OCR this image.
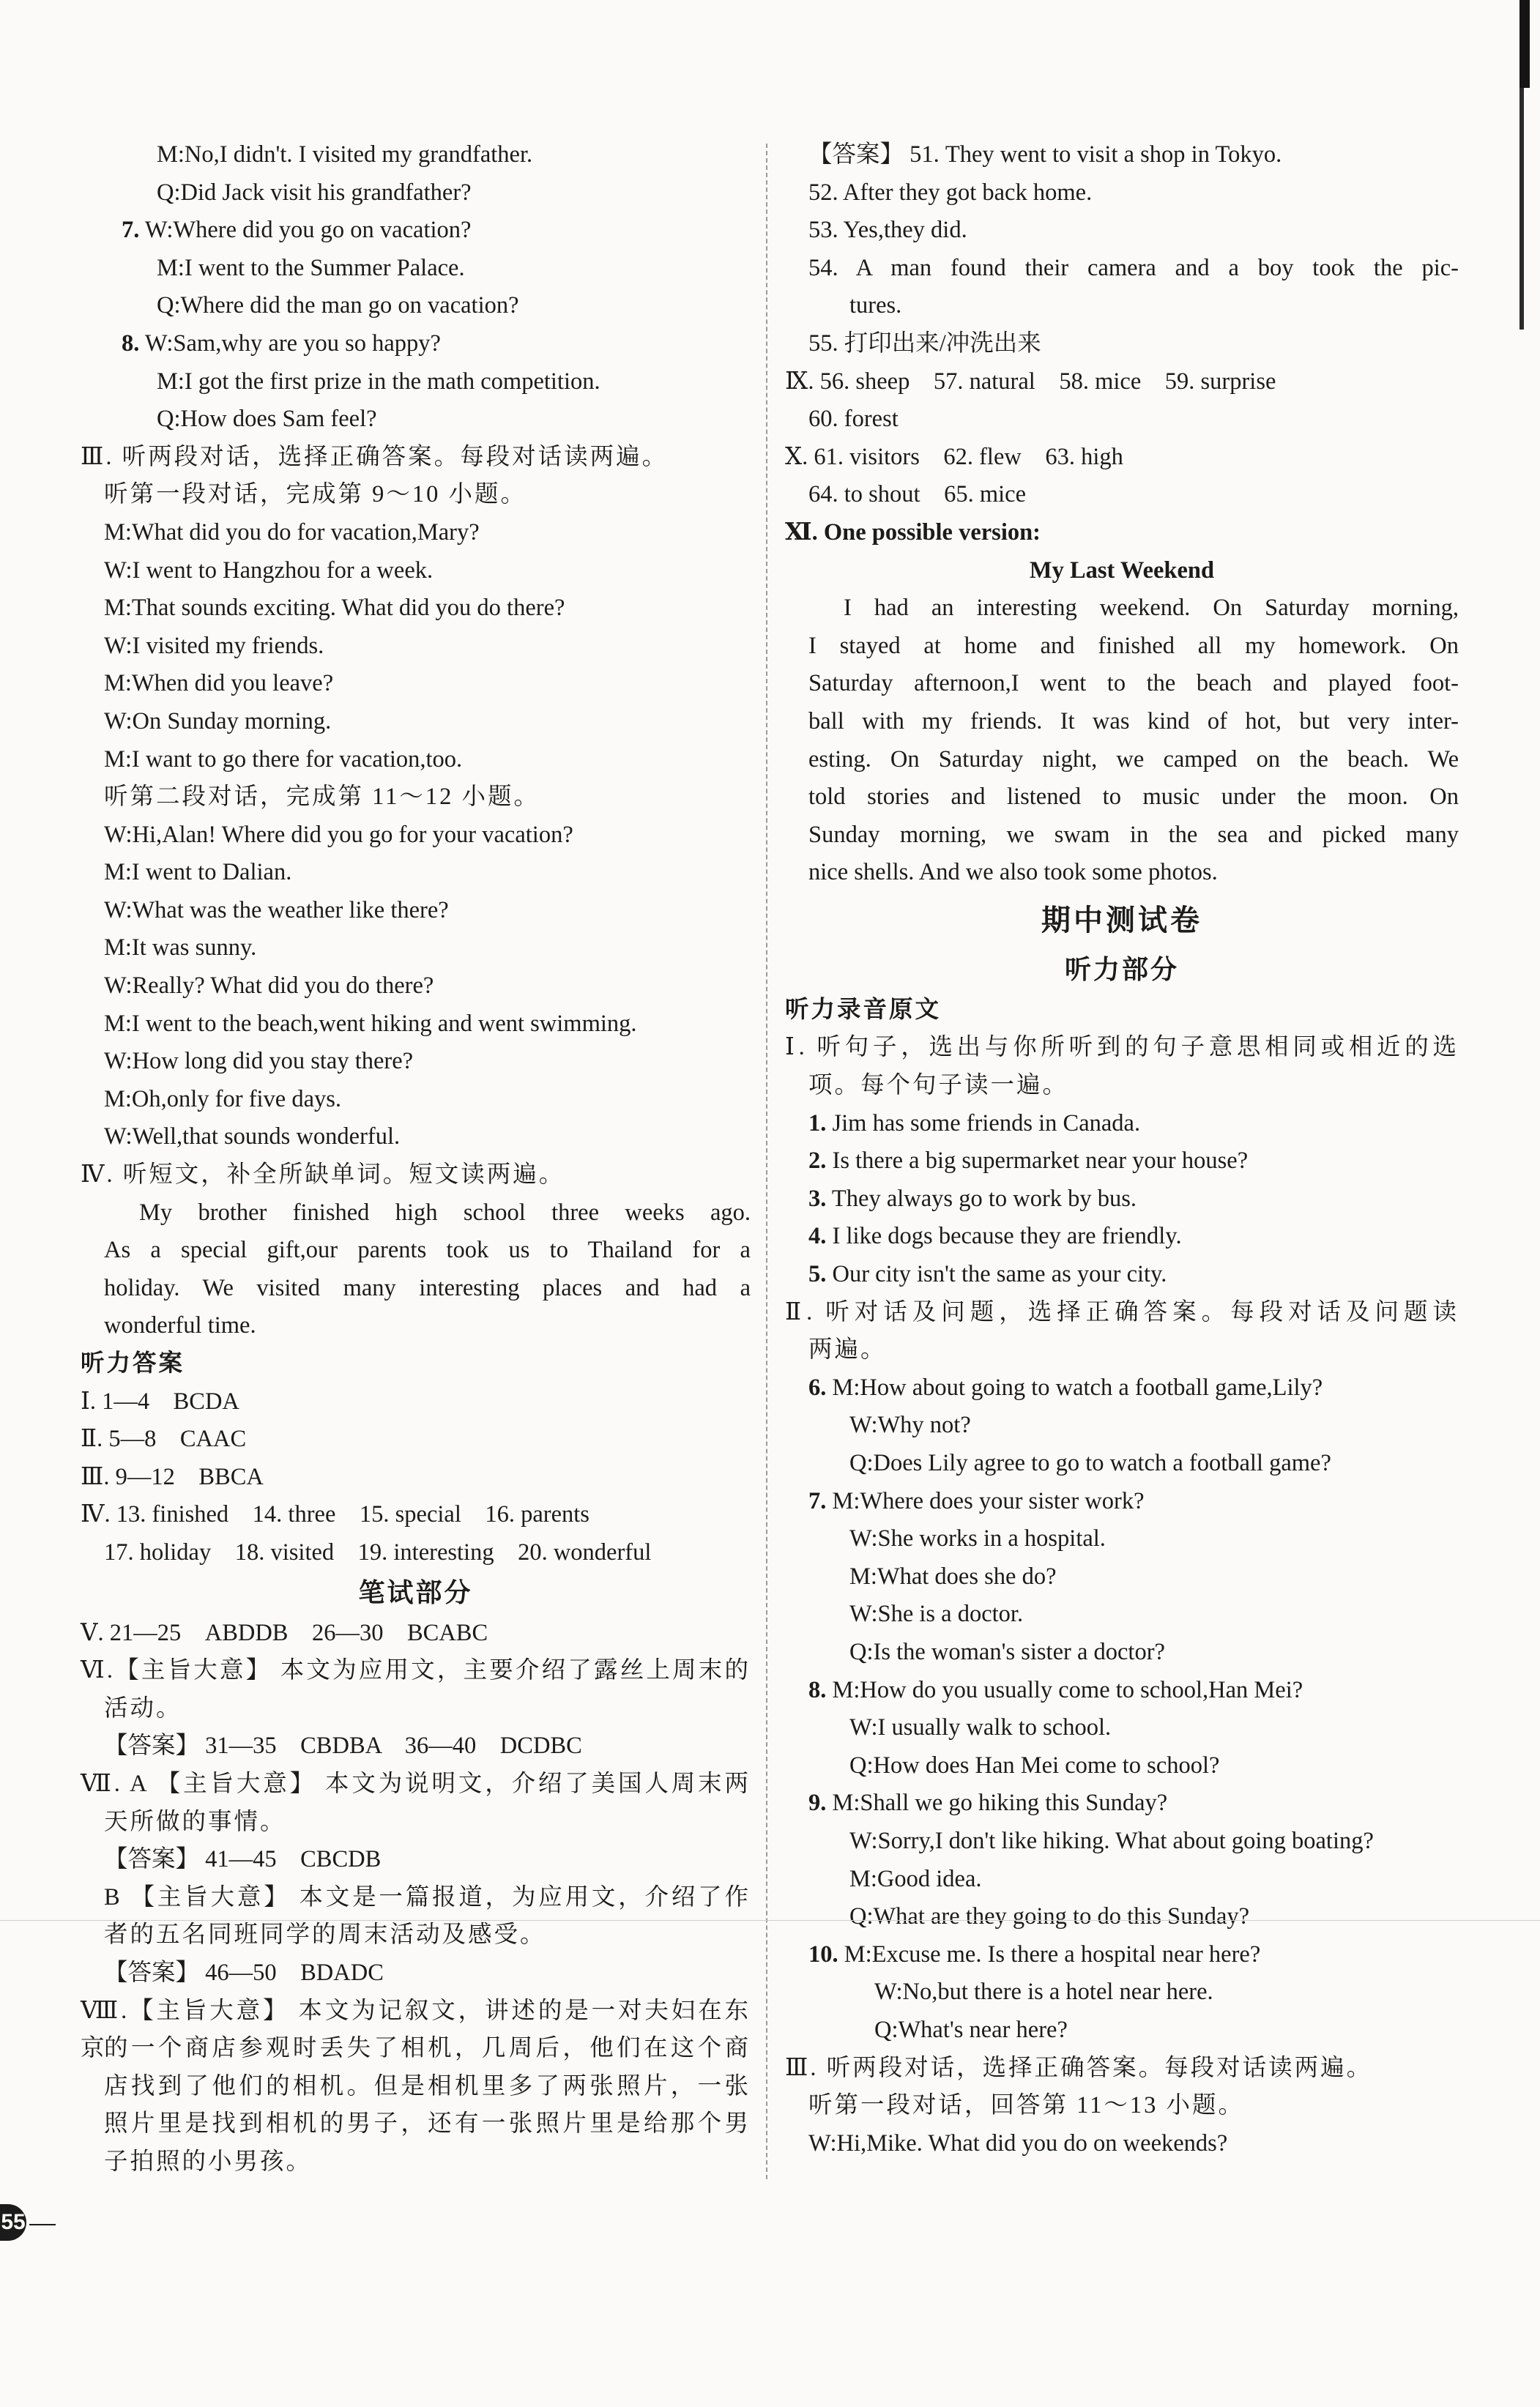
M:No,I didn't. I visited my grandfather.
Q:Did Jack visit his grandfather?
7. W:Where did you go on vacation?
M:I went to the Summer Palace.
Q:Where did the man go on vacation?
8. W:Sam,why are you so happy?
M:I got the first prize in the math competition.
Q:How does Sam feel?
Ⅲ. 听两段对话，选择正确答案。每段对话读两遍。
听第一段对话，完成第 9～10 小题。
M:What did you do for vacation,Mary?
W:I went to Hangzhou for a week.
M:That sounds exciting. What did you do there?
W:I visited my friends.
M:When did you leave?
W:On Sunday morning.
M:I want to go there for vacation,too.
听第二段对话，完成第 11～12 小题。
W:Hi,Alan! Where did you go for your vacation?
M:I went to Dalian.
W:What was the weather like there?
M:It was sunny.
W:Really? What did you do there?
M:I went to the beach,went hiking and went swimming.
W:How long did you stay there?
M:Oh,only for five days.
W:Well,that sounds wonderful.
Ⅳ. 听短文，补全所缺单词。短文读两遍。
My brother finished high school three weeks ago.
As a special gift,our parents took us to Thailand for a
holiday. We visited many interesting places and had a
wonderful time.
听力答案
Ⅰ. 1—4　BCDA
Ⅱ. 5—8　CAAC
Ⅲ. 9—12　BBCA
Ⅳ. 13. finished　14. three　15. special　16. parents
17. holiday　18. visited　19. interesting　20. wonderful
笔试部分
Ⅴ. 21—25　ABDDB　26—30　BCABC
Ⅵ.【主旨大意】 本文为应用文，主要介绍了露丝上周末的
活动。
【答案】 31—35　CBDBA　36—40　DCDBC
Ⅶ. A 【主旨大意】 本文为说明文，介绍了美国人周末两
天所做的事情。
【答案】 41—45　CBCDB
B 【主旨大意】 本文是一篇报道，为应用文，介绍了作
者的五名同班同学的周末活动及感受。
【答案】 46—50　BDADC
Ⅷ.【主旨大意】 本文为记叙文，讲述的是一对夫妇在东京
的一个商店参观时丢失了相机，几周后，他们在这个商
店找到了他们的相机。但是相机里多了两张照片，一张
照片里是找到相机的男子，还有一张照片里是给那个男
子拍照的小男孩。
【答案】 51. They went to visit a shop in Tokyo.
52. After they got back home.
53. Yes,they did.
54. A man found their camera and a boy took the pic-
tures.
55. 打印出来/冲洗出来
Ⅸ. 56. sheep　57. natural　58. mice　59. surprise
60. forest
Ⅹ. 61. visitors　62. flew　63. high
64. to shout　65. mice
Ⅺ. One possible version:
My Last Weekend
I had an interesting weekend. On Saturday morning,
I stayed at home and finished all my homework. On
Saturday afternoon,I went to the beach and played foot-
ball with my friends. It was kind of hot, but very inter-
esting. On Saturday night, we camped on the beach. We
told stories and listened to music under the moon. On
Sunday morning, we swam in the sea and picked many
nice shells. And we also took some photos.
期中测试卷
听力部分
听力录音原文
Ⅰ. 听句子，选出与你所听到的句子意思相同或相近的选
项。每个句子读一遍。
1. Jim has some friends in Canada.
2. Is there a big supermarket near your house?
3. They always go to work by bus.
4. I like dogs because they are friendly.
5. Our city isn't the same as your city.
Ⅱ. 听对话及问题，选择正确答案。每段对话及问题读
两遍。
6. M:How about going to watch a football game,Lily?
W:Why not?
Q:Does Lily agree to go to watch a football game?
7. M:Where does your sister work?
W:She works in a hospital.
M:What does she do?
W:She is a doctor.
Q:Is the woman's sister a doctor?
8. M:How do you usually come to school,Han Mei?
W:I usually walk to school.
Q:How does Han Mei come to school?
9. M:Shall we go hiking this Sunday?
W:Sorry,I don't like hiking. What about going boating?
M:Good idea.
Q:What are they going to do this Sunday?
10. M:Excuse me. Is there a hospital near here?
W:No,but there is a hotel near here.
Q:What's near here?
Ⅲ. 听两段对话，选择正确答案。每段对话读两遍。
听第一段对话，回答第 11～13 小题。
W:Hi,Mike. What did you do on weekends?
55
